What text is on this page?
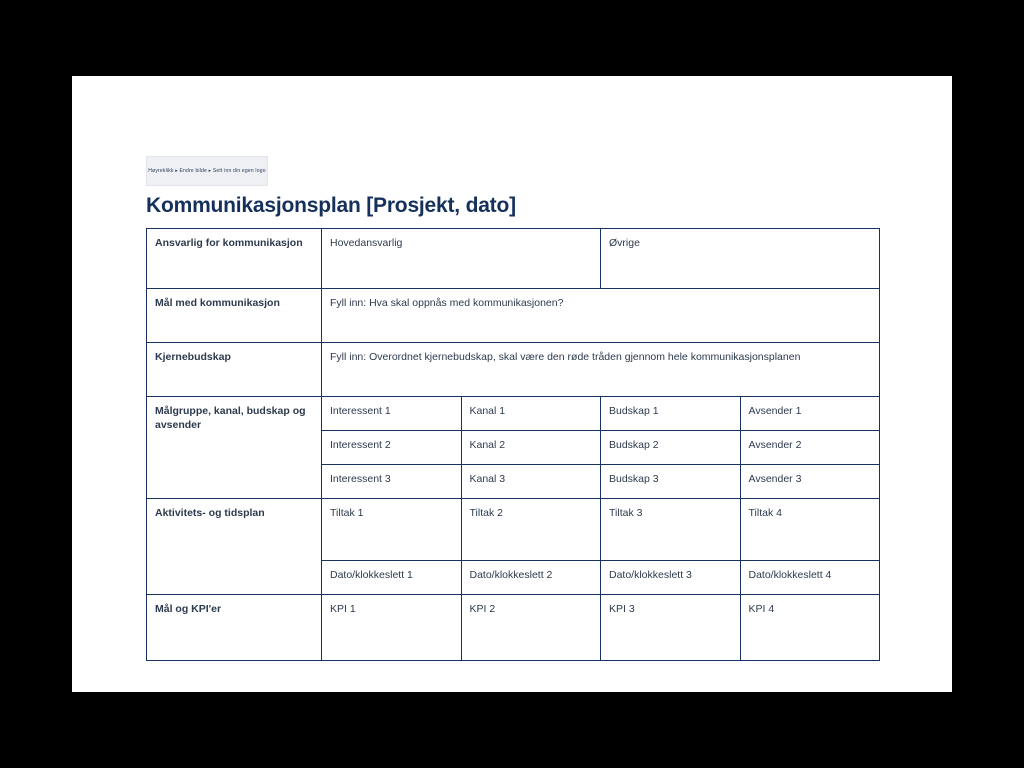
Høyreklikk ▸ Endre bilde ▸ Sett inn din egen logo
Kommunikasjonsplan [Prosjekt, dato]
Ansvarlig for kommunikasjon	Hovedansvarlig		Øvrige	
Mål med kommunikasjon	Fyll inn: Hva skal oppnås med kommunikasjonen?			
Kjernebudskap	Fyll inn: Overordnet kjernebudskap, skal være den røde tråden gjennom hele kommunikasjonsplanen			
Målgruppe, kanal, budskap og avsender	Interessent 1	Kanal 1	Budskap 1	Avsender 1
	Interessent 2	Kanal 2	Budskap 2	Avsender 2
	Interessent 3	Kanal 3	Budskap 3	Avsender 3
Aktivitets- og tidsplan	Tiltak 1	Tiltak 2	Tiltak 3	Tiltak 4
	Dato/klokkeslett 1	Dato/klokkeslett 2	Dato/klokkeslett 3	Dato/klokkeslett 4
Mål og KPI'er	KPI 1	KPI 2	KPI 3	KPI 4
